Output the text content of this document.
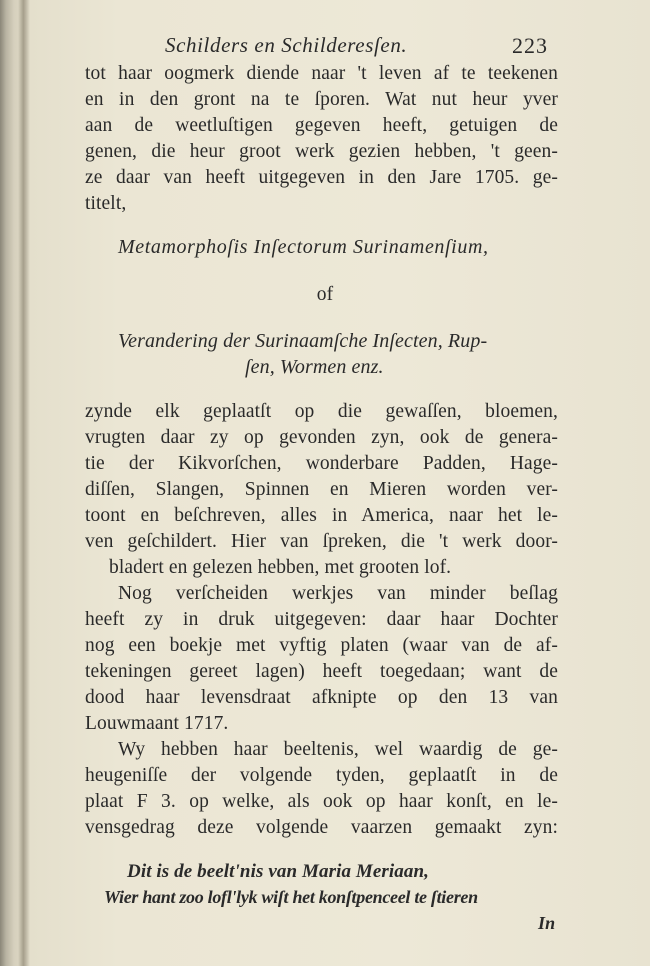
Schilders en Schilderesſen.	223
tot haar oogmerk diende naar 't leven af te teekenen
en in den gront na te ſporen. Wat nut heur yver
aan de weetluſtigen gegeven heeft, getuigen de
genen, die heur groot werk gezien hebben, 't geen-
ze daar van heeft uitgegeven in den Jare 1705. ge-
titelt,
Metamorphoſis Inſectorum Surinamenſium,
of
Verandering der Surinaamſche Inſecten, Rup-
ſen, Wormen enz.
zynde elk geplaatſt op die gewaſſen, bloemen,
vrugten daar zy op gevonden zyn, ook de genera-
tie der Kikvorſchen, wonderbare Padden, Hage-
diſſen, Slangen, Spinnen en Mieren worden ver-
toont en beſchreven, alles in America, naar het le-
ven geſchildert. Hier van ſpreken, die 't werk door-
bladert en gelezen hebben, met grooten lof.
Nog verſcheiden werkjes van minder beſlag
heeft zy in druk uitgegeven: daar haar Dochter
nog een boekje met vyftig platen (waar van de af-
tekeningen gereet lagen) heeft toegedaan; want de
dood haar levensdraat afknipte op den 13 van
Louwmaant 1717.
Wy hebben haar beeltenis, wel waardig de ge-
heugeniſſe der volgende tyden, geplaatſt in de
plaat F 3. op welke, als ook op haar konſt, en le-
vensgedrag deze volgende vaarzen gemaakt zyn:
Dit is de beelt'nis van Maria Meriaan,
Wier hant zoo lofl'lyk wiſt het konſtpenceel te ſtieren
In
